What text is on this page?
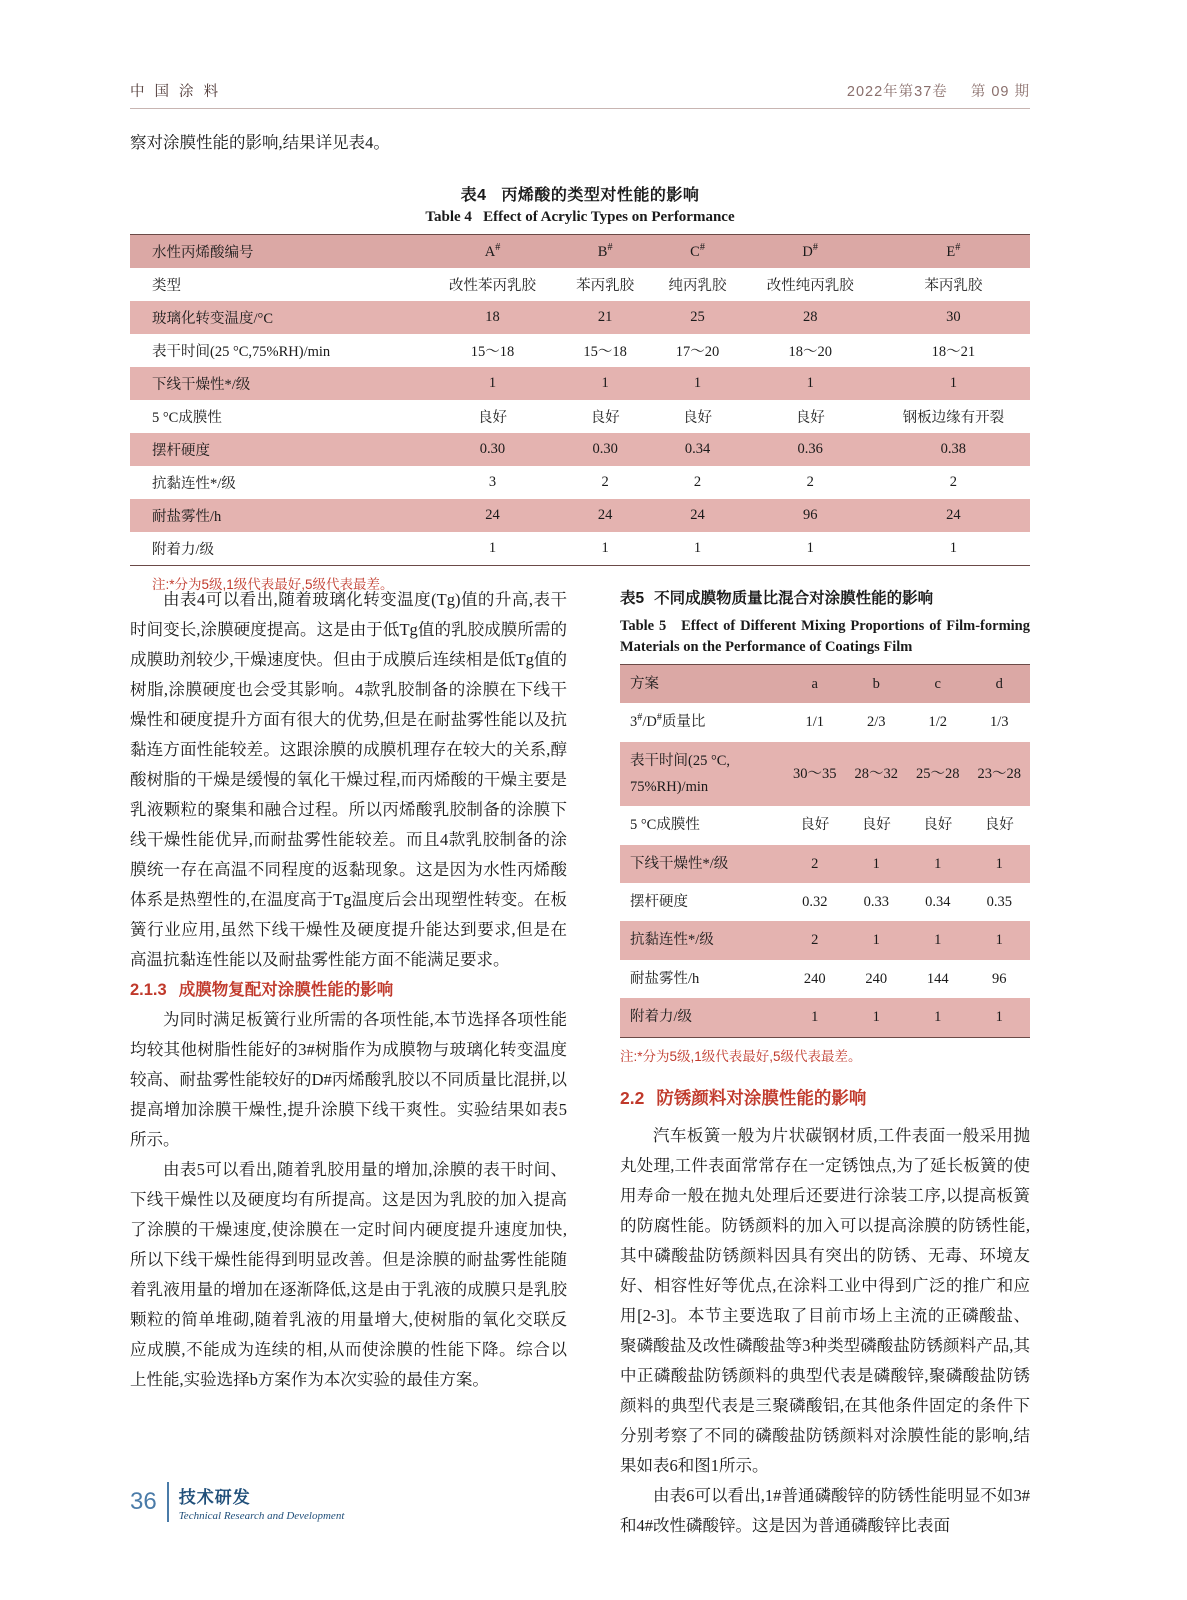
中 国 涂 料	2022年第37卷 第 09 期
察对涂膜性能的影响,结果详见表4。
表4 丙烯酸的类型对性能的影响
Table 4 Effect of Acrylic Types on Performance
水性丙烯酸编号	A#	B#	C#	D#	E#
类型	改性苯丙乳胶	苯丙乳胶	纯丙乳胶	改性纯丙乳胶	苯丙乳胶
玻璃化转变温度/°C	18	21	25	28	30
表干时间(25 °C,75%RH)/min	15～18	15～18	17～20	18～20	18～21
下线干燥性*/级	1	1	1	1	1
5 °C成膜性	良好	良好	良好	良好	钢板边缘有开裂
摆杆硬度	0.30	0.30	0.34	0.36	0.38
抗黏连性*/级	3	2	2	2	2
耐盐雾性/h	24	24	24	96	24
附着力/级	1	1	1	1	1
注:*分为5级,1级代表最好,5级代表最差。

由表4可以看出,随着玻璃化转变温度(Tg)值的升高,表干时间变长,涂膜硬度提高。这是由于低Tg值的乳胶成膜所需的成膜助剂较少,干燥速度快。但由于成膜后连续相是低Tg值的树脂,涂膜硬度也会受其影响。4款乳胶制备的涂膜在下线干燥性和硬度提升方面有很大的优势,但是在耐盐雾性能以及抗黏连方面性能较差。这跟涂膜的成膜机理存在较大的关系,醇酸树脂的干燥是缓慢的氧化干燥过程,而丙烯酸的干燥主要是乳液颗粒的聚集和融合过程。所以丙烯酸乳胶制备的涂膜下线干燥性能优异,而耐盐雾性能较差。而且4款乳胶制备的涂膜统一存在高温不同程度的返黏现象。这是因为水性丙烯酸体系是热塑性的,在温度高于Tg温度后会出现塑性转变。在板簧行业应用,虽然下线干燥性及硬度提升能达到要求,但是在高温抗黏连性能以及耐盐雾性能方面不能满足要求。

2.1.3 成膜物复配对涂膜性能的影响

为同时满足板簧行业所需的各项性能,本节选择各项性能均较其他树脂性能好的3#树脂作为成膜物与玻璃化转变温度较高、耐盐雾性能较好的D#丙烯酸乳胶以不同质量比混拼,以提高增加涂膜干燥性,提升涂膜下线干爽性。实验结果如表5所示。

由表5可以看出,随着乳胶用量的增加,涂膜的表干时间、下线干燥性以及硬度均有所提高。这是因为乳胶的加入提高了涂膜的干燥速度,使涂膜在一定时间内硬度提升速度加快,所以下线干燥性能得到明显改善。但是涂膜的耐盐雾性能随着乳液用量的增加在逐渐降低,这是由于乳液的成膜只是乳胶颗粒的简单堆砌,随着乳液的用量增大,使树脂的氧化交联反应成膜,不能成为连续的相,从而使涂膜的性能下降。综合以上性能,实验选择b方案作为本次实验的最佳方案。

表5 不同成膜物质量比混合对涂膜性能的影响
Table 5 Effect of Different Mixing Proportions of Film-forming Materials on the Performance of Coatings Film
方案	a	b	c	d
3#/D#质量比	1/1	2/3	1/2	1/3
表干时间(25 °C,
75%RH)/min	30～35	28～32	25～28	23～28
5 °C成膜性	良好	良好	良好	良好
下线干燥性*/级	2	1	1	1
摆杆硬度	0.32	0.33	0.34	0.35
抗黏连性*/级	2	1	1	1
耐盐雾性/h	240	240	144	96
附着力/级	1	1	1	1
注:*分为5级,1级代表最好,5级代表最差。

2.2 防锈颜料对涂膜性能的影响

汽车板簧一般为片状碳钢材质,工件表面一般采用抛丸处理,工件表面常常存在一定锈蚀点,为了延长板簧的使用寿命一般在抛丸处理后还要进行涂装工序,以提高板簧的防腐性能。防锈颜料的加入可以提高涂膜的防锈性能,其中磷酸盐防锈颜料因具有突出的防锈、无毒、环境友好、相容性好等优点,在涂料工业中得到广泛的推广和应用[2-3]。本节主要选取了目前市场上主流的正磷酸盐、聚磷酸盐及改性磷酸盐等3种类型磷酸盐防锈颜料产品,其中正磷酸盐防锈颜料的典型代表是磷酸锌,聚磷酸盐防锈颜料的典型代表是三聚磷酸铝,在其他条件固定的条件下分别考察了不同的磷酸盐防锈颜料对涂膜性能的影响,结果如表6和图1所示。

由表6可以看出,1#普通磷酸锌的防锈性能明显不如3#和4#改性磷酸锌。这是因为普通磷酸锌比表面

36 技术研发
Technical Research and Development
